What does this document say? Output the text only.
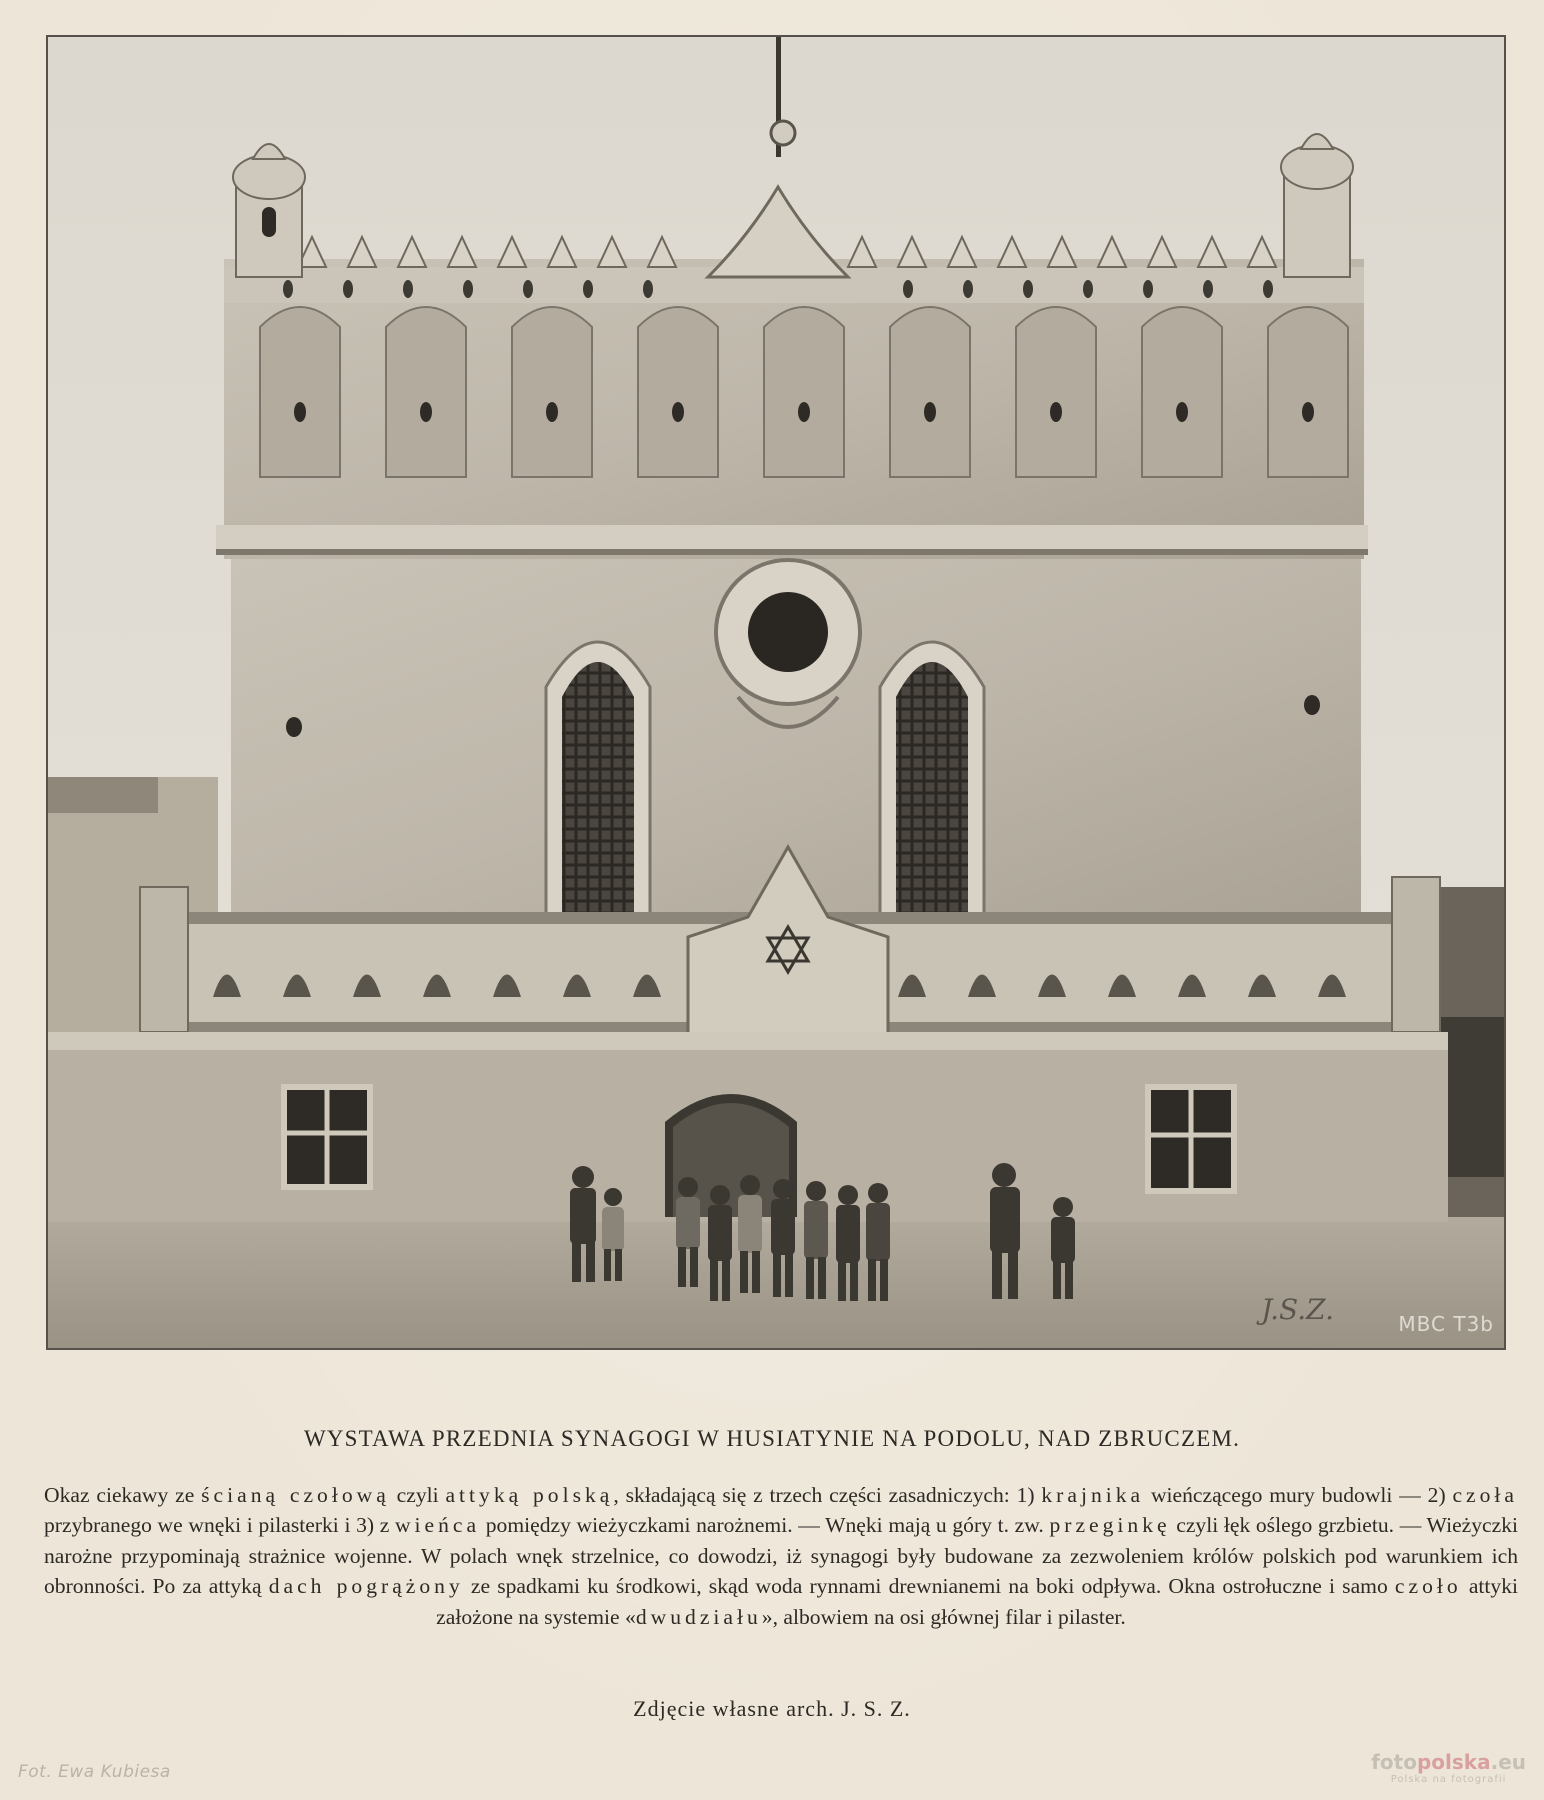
J.S.Z.	MBC T3b
WYSTAWA PRZEDNIA SYNAGOGI W HUSIATYNIE NA PODOLU, NAD ZBRUCZEM.
Okaz ciekawy ze ścianą czołową czyli attyką polską, składającą się z trzech części zasadniczych: 1) krajnika wieńczącego mury budowli — 2) czoła przybranego we wnęki i pilasterki i 3) z wieńca pomiędzy wieżyczkami narożnemi. — Wnęki mają u góry t. zw. przeginkę czyli łęk oślego grzbietu. — Wieżyczki narożne przypominają strażnice wojenne. W polach wnęk strzelnice, co dowodzi, iż synagogi były budowane za zezwoleniem królów polskich pod warunkiem ich obronności. Po za attyką dach pogrążony ze spadkami ku środkowi, skąd woda rynnami drewnianemi na boki odpływa. Okna ostrołuczne i samo czoło attyki założone na systemie «dwudziału», albowiem na osi głównej filar i pilaster.
Zdjęcie własne arch. J. S. Z.
Fot. Ewa Kubiesa	fotopolska.eu
Polska na fotografii
